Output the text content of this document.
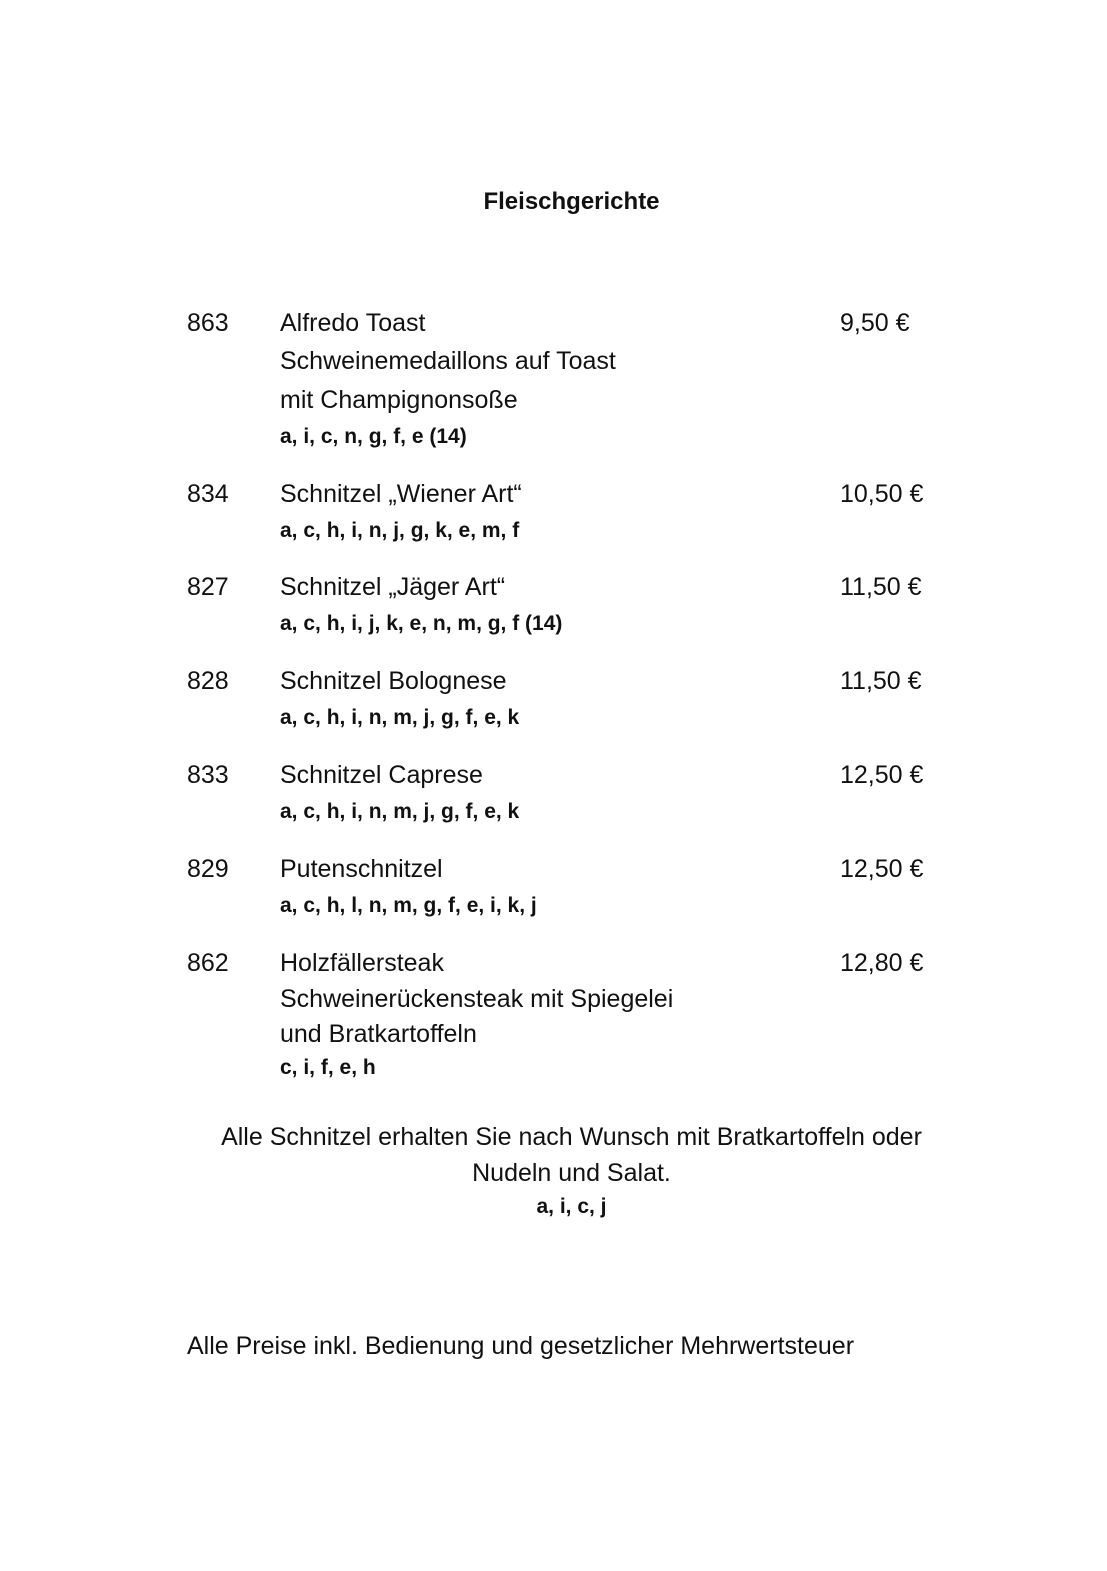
Fleischgerichte
863 Alfredo Toast
Schweinemedaillons auf Toast
mit Champignonsoße
a, i, c, n, g, f, e (14)
9,50 €
834 Schnitzel „Wiener Art“
a, c, h, i, n, j, g, k, e, m, f
10,50 €
827 Schnitzel „Jäger Art“
a, c, h, i, j, k, e, n, m, g, f (14)
11,50 €
828 Schnitzel Bolognese
a, c, h, i, n, m, j, g, f, e, k
11,50 €
833 Schnitzel Caprese
a, c, h, i, n, m, j, g, f, e, k
12,50 €
829 Putenschnitzel
a, c, h, l, n, m, g, f, e, i, k, j
12,50 €
862 Holzfällersteak
Schweinerückensteak mit Spiegelei
und Bratkartoffeln
c, i, f, e, h
12,80 €
Alle Schnitzel erhalten Sie nach Wunsch mit Bratkartoffeln oder
Nudeln und Salat.
a, i, c, j
Alle Preise inkl. Bedienung und gesetzlicher Mehrwertsteuer
